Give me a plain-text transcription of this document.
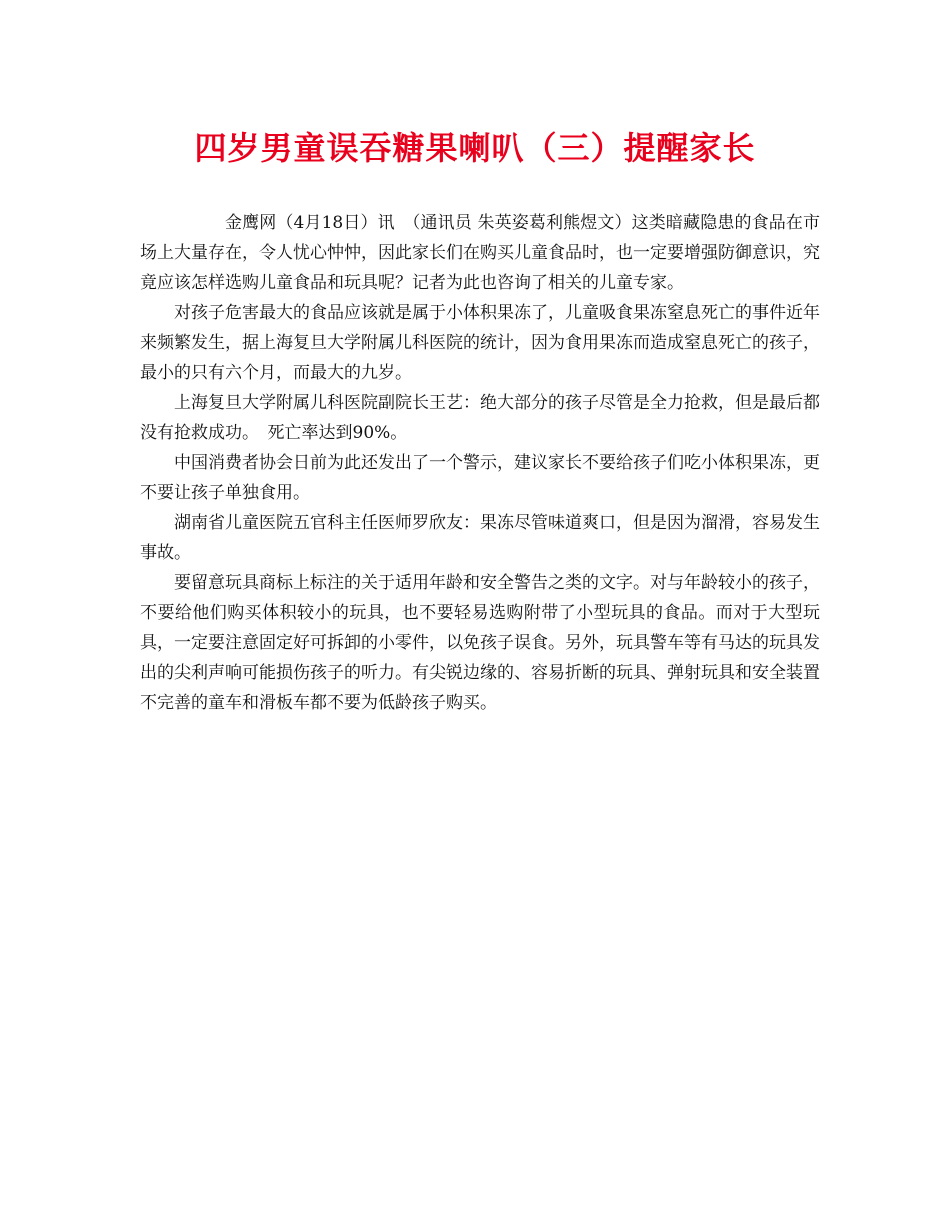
四岁男童误吞糖果喇叭（三）提醒家长

金鹰网（4月18日）讯　（通讯员 朱英姿葛利熊煜文）这类暗藏隐患的食品在市场上大量存在，令人忧心忡忡，因此家长们在购买儿童食品时，也一定要增强防御意识，究竟应该怎样选购儿童食品和玩具呢？记者为此也咨询了相关的儿童专家。

对孩子危害最大的食品应该就是属于小体积果冻了，儿童吸食果冻窒息死亡的事件近年来频繁发生，据上海复旦大学附属儿科医院的统计，因为食用果冻而造成窒息死亡的孩子，最小的只有六个月，而最大的九岁。

上海复旦大学附属儿科医院副院长王艺：绝大部分的孩子尽管是全力抢救，但是最后都没有抢救成功。　死亡率达到90%。

中国消费者协会日前为此还发出了一个警示，建议家长不要给孩子们吃小体积果冻，更不要让孩子单独食用。

湖南省儿童医院五官科主任医师罗欣友：果冻尽管味道爽口，但是因为溜滑，容易发生事故。

要留意玩具商标上标注的关于适用年龄和安全警告之类的文字。对与年龄较小的孩子，不要给他们购买体积较小的玩具，也不要轻易选购附带了小型玩具的食品。而对于大型玩具，一定要注意固定好可拆卸的小零件，以免孩子误食。另外，玩具警车等有马达的玩具发出的尖利声响可能损伤孩子的听力。有尖锐边缘的、容易折断的玩具、弹射玩具和安全装置不完善的童车和滑板车都不要为低龄孩子购买。
